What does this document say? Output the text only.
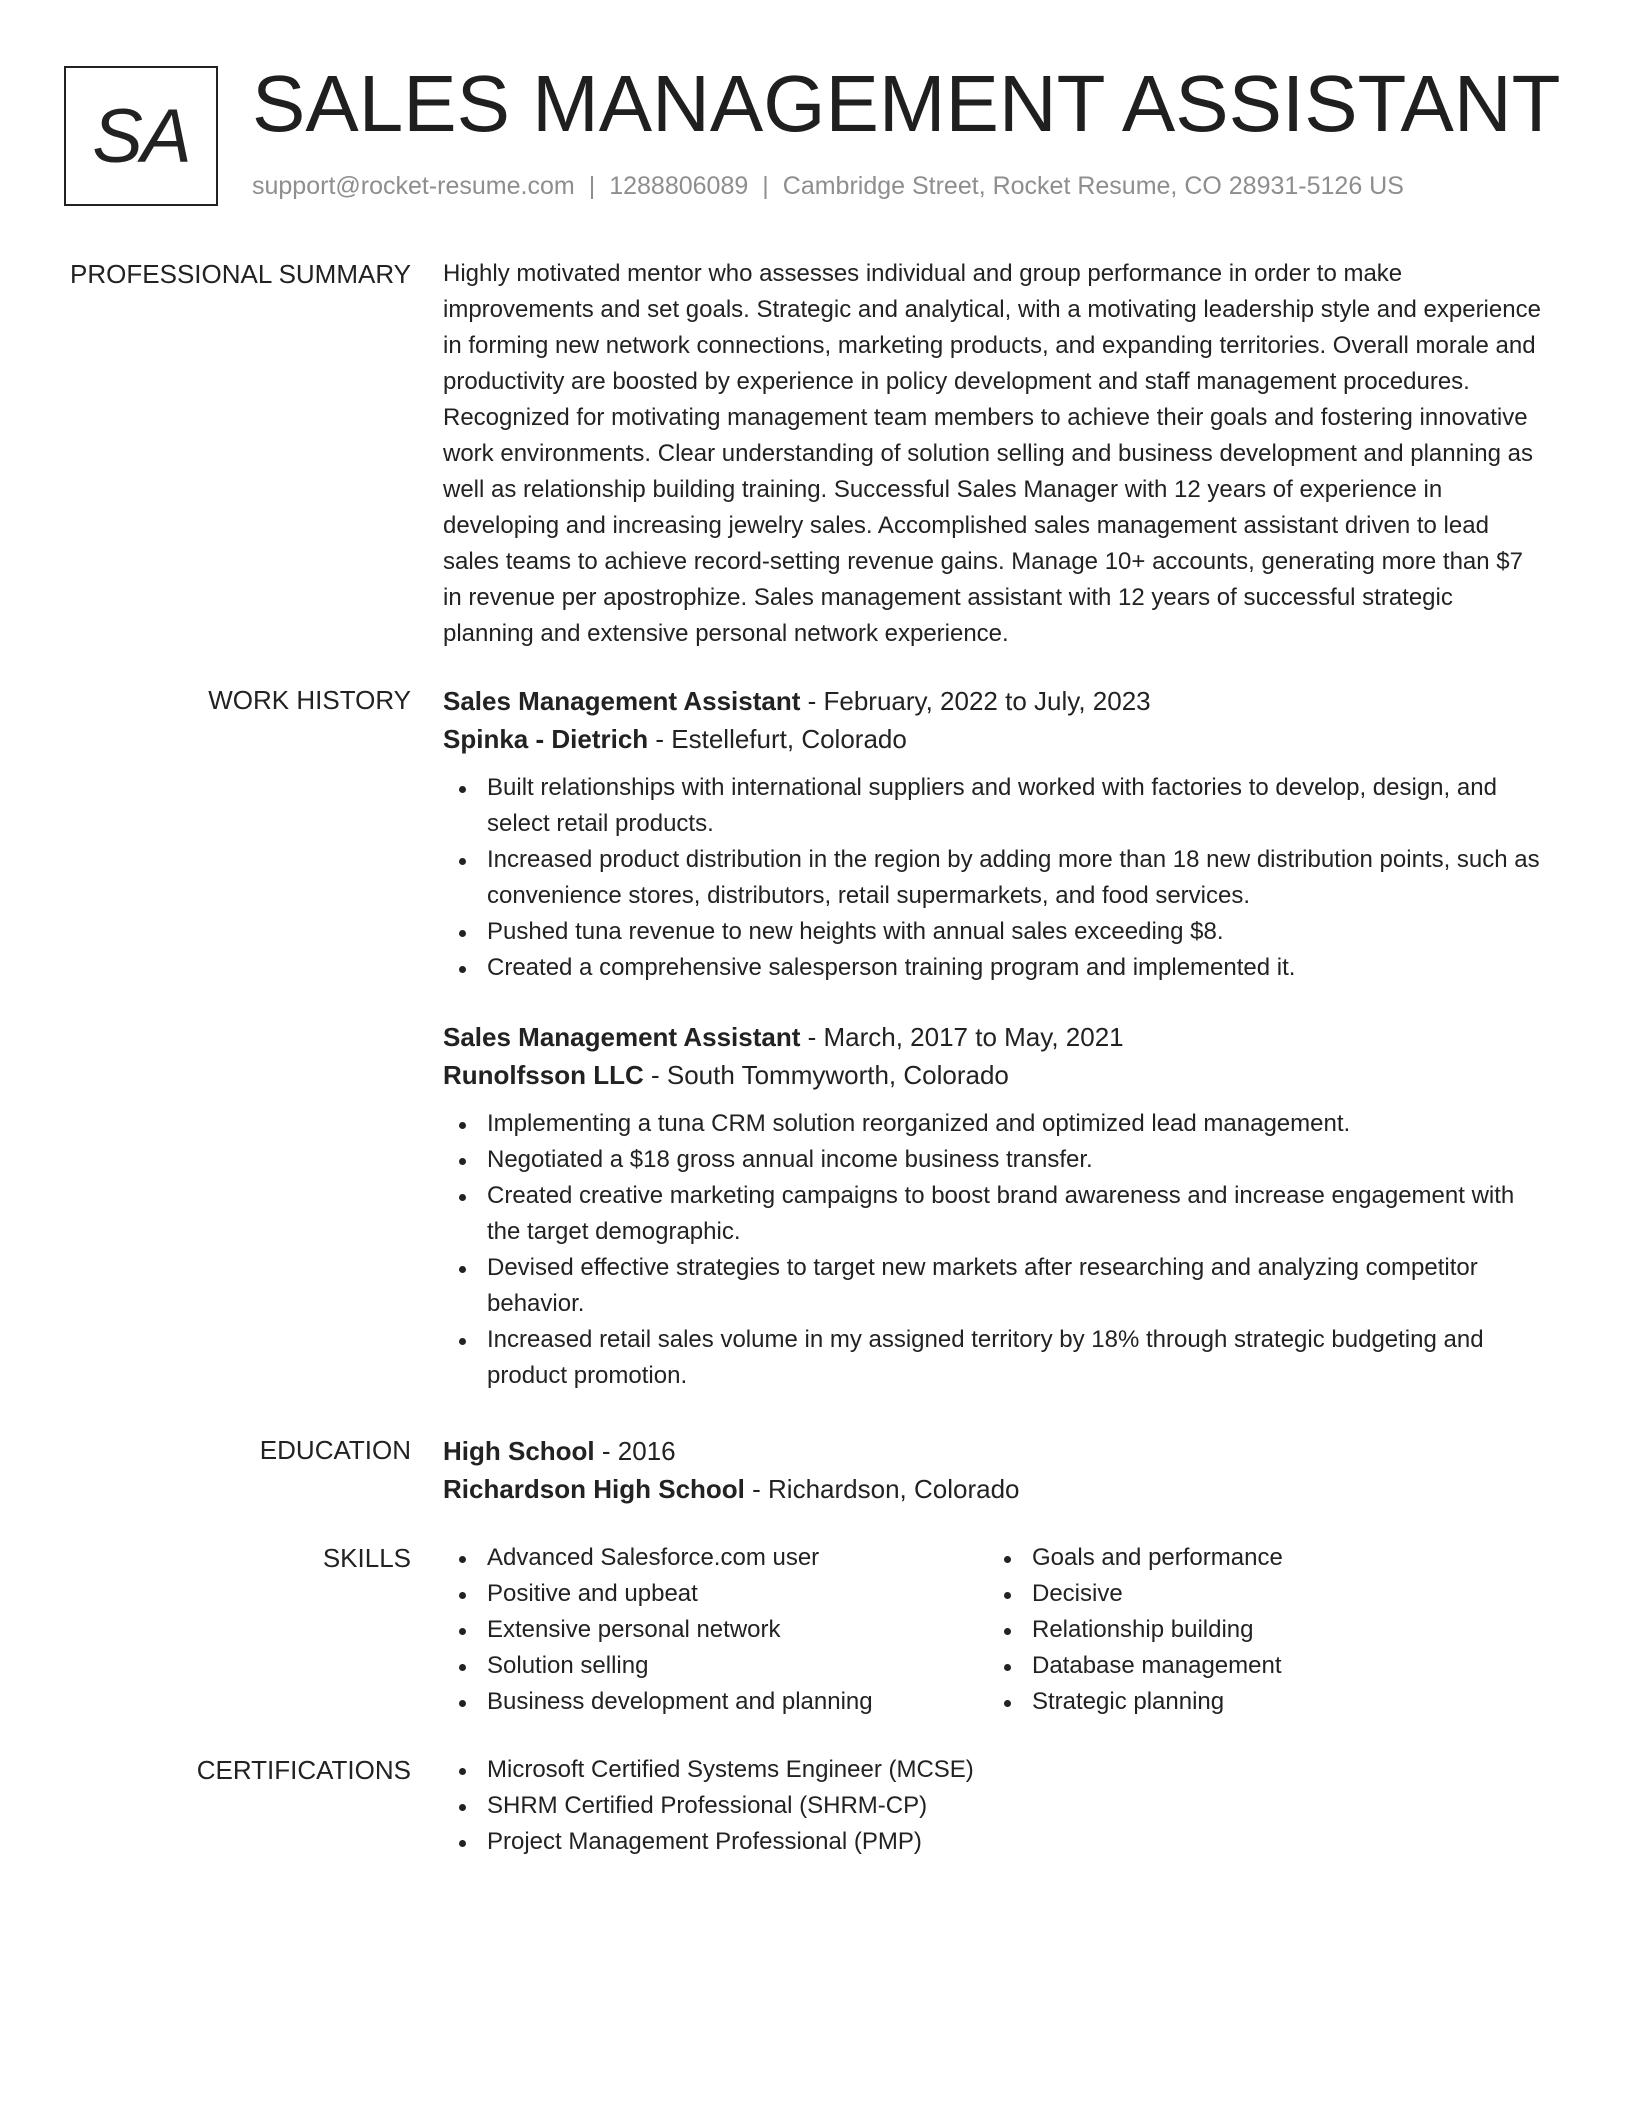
SA SALES MANAGEMENT ASSISTANT
support@rocket-resume.com | 1288806089 | Cambridge Street, Rocket Resume, CO 28931-5126 US
PROFESSIONAL SUMMARY Highly motivated mentor who assesses individual and group performance in order to make improvements and set goals. Strategic and analytical, with a motivating leadership style and experience in forming new network connections, marketing products, and expanding territories. Overall morale and productivity are boosted by experience in policy development and staff management procedures. Recognized for motivating management team members to achieve their goals and fostering innovative work environments. Clear understanding of solution selling and business development and planning as well as relationship building training. Successful Sales Manager with 12 years of experience in developing and increasing jewelry sales. Accomplished sales management assistant driven to lead sales teams to achieve record-setting revenue gains. Manage 10+ accounts, generating more than $7 in revenue per apostrophize. Sales management assistant with 12 years of successful strategic planning and extensive personal network experience.

WORK HISTORY Sales Management Assistant - February, 2022 to July, 2023
Spinka - Dietrich - Estellefurt, Colorado
Built relationships with international suppliers and worked with factories to develop, design, and select retail products.
Increased product distribution in the region by adding more than 18 new distribution points, such as convenience stores, distributors, retail supermarkets, and food services.
Pushed tuna revenue to new heights with annual sales exceeding $8.
Created a comprehensive salesperson training program and implemented it.
Sales Management Assistant - March, 2017 to May, 2021
Runolfsson LLC - South Tommyworth, Colorado
Implementing a tuna CRM solution reorganized and optimized lead management.
Negotiated a $18 gross annual income business transfer.
Created creative marketing campaigns to boost brand awareness and increase engagement with the target demographic.
Devised effective strategies to target new markets after researching and analyzing competitor behavior.
Increased retail sales volume in my assigned territory by 18% through strategic budgeting and product promotion.
EDUCATION High School - 2016
Richardson High School - Richardson, Colorado
SKILLS	Advanced Salesforce.com user
Positive and upbeat
Extensive personal network
Solution selling
Business development and planning
Goals and performance
Decisive
Relationship building
Database management
Strategic planning
CERTIFICATIONS	Microsoft Certified Systems Engineer (MCSE)
SHRM Certified Professional (SHRM-CP)
Project Management Professional (PMP)
